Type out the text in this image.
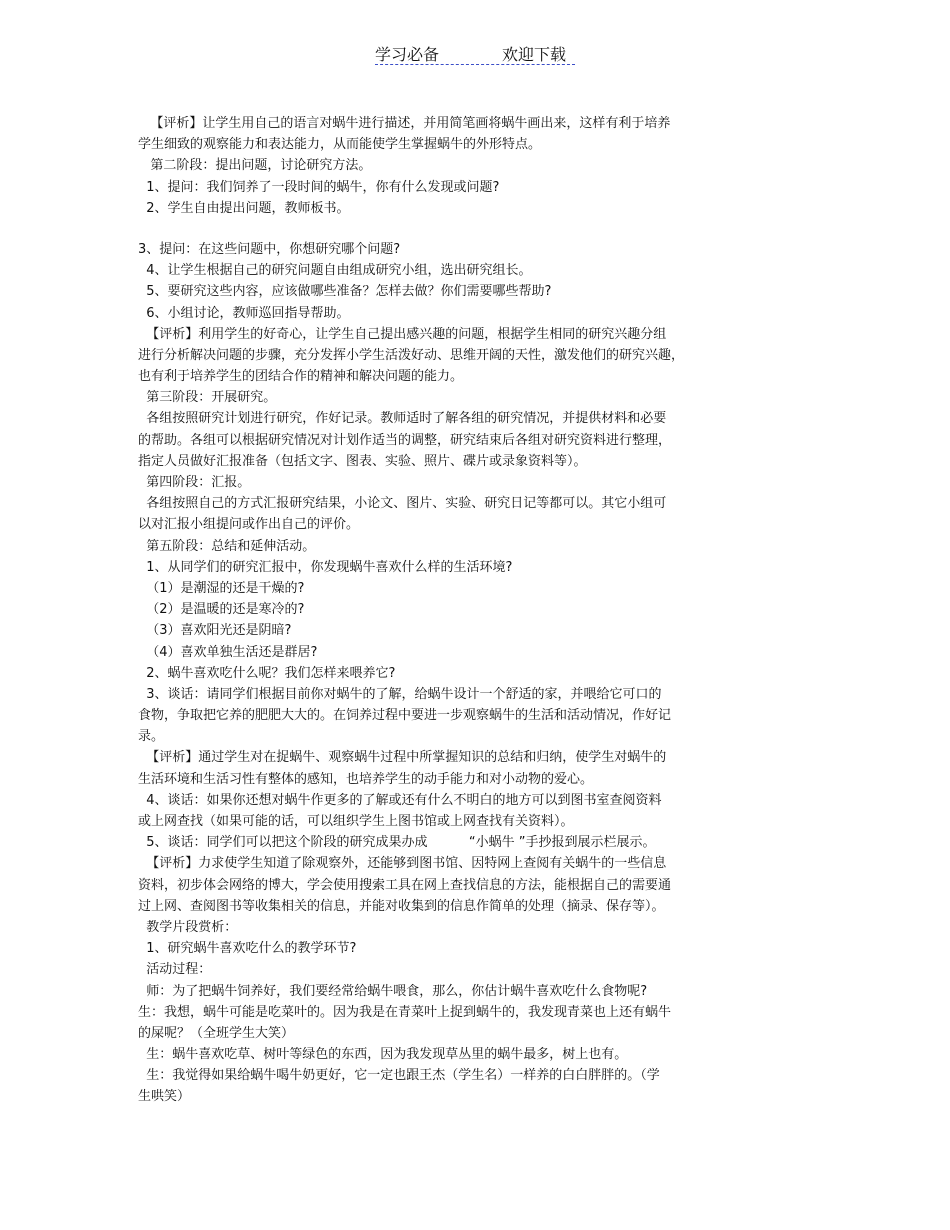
学习必备	欢迎下载
【评析】让学生用自己的语言对蜗牛进行描述，并用简笔画将蜗牛画出来，这样有利于培养
学生细致的观察能力和表达能力，从而能使学生掌握蜗牛的外形特点。
第二阶段：提出问题，讨论研究方法。
1、提问：我们饲养了一段时间的蜗牛，你有什么发现或问题?
2、学生自由提出问题，教师板书。
3、提问：在这些问题中，你想研究哪个问题?
4、让学生根据自己的研究问题自由组成研究小组，选出研究组长。
5、要研究这些内容，应该做哪些准备？怎样去做？你们需要哪些帮助?
6、小组讨论，教师巡回指导帮助。
【评析】利用学生的好奇心，让学生自己提出感兴趣的问题，根据学生相同的研究兴趣分组
进行分析解决问题的步骤，充分发挥小学生活泼好动、思维开阔的天性，激发他们的研究兴趣，
也有利于培养学生的团结合作的精神和解决问题的能力。
第三阶段：开展研究。
各组按照研究计划进行研究，作好记录。教师适时了解各组的研究情况，并提供材料和必要
的帮助。各组可以根据研究情况对计划作适当的调整，研究结束后各组对研究资料进行整理，
指定人员做好汇报准备（包括文字、图表、实验、照片、碟片或录象资料等）。
第四阶段：汇报。
各组按照自己的方式汇报研究结果，小论文、图片、实验、研究日记等都可以。其它小组可
以对汇报小组提问或作出自己的评价。
第五阶段：总结和延伸活动。
1、从同学们的研究汇报中，你发现蜗牛喜欢什么样的生活环境?
（1）是潮湿的还是干燥的?
（2）是温暖的还是寒冷的?
（3）喜欢阳光还是阴暗?
（4）喜欢单独生活还是群居?
2、蜗牛喜欢吃什么呢？我们怎样来喂养它?
3、谈话：请同学们根据目前你对蜗牛的了解，给蜗牛设计一个舒适的家，并喂给它可口的
食物，争取把它养的肥肥大大的。在饲养过程中要进一步观察蜗牛的生活和活动情况，作好记
录。
【评析】通过学生对在捉蜗牛、观察蜗牛过程中所掌握知识的总结和归纳，使学生对蜗牛的
生活环境和生活习性有整体的感知，也培养学生的动手能力和对小动物的爱心。
4、谈话：如果你还想对蜗牛作更多的了解或还有什么不明白的地方可以到图书室查阅资料
或上网查找（如果可能的话，可以组织学生上图书馆或上网查找有关资料）。
5、谈话：同学们可以把这个阶段的研究成果办成          “小蜗牛 ”手抄报到展示栏展示。
【评析】力求使学生知道了除观察外，还能够到图书馆、因特网上查阅有关蜗牛的一些信息
资料，初步体会网络的博大，学会使用搜索工具在网上查找信息的方法，能根据自己的需要通
过上网、查阅图书等收集相关的信息，并能对收集到的信息作简单的处理（摘录、保存等）。
教学片段赏析：
1、研究蜗牛喜欢吃什么的教学环节?
活动过程：
师：为了把蜗牛饲养好，我们要经常给蜗牛喂食，那么，你估计蜗牛喜欢吃什么食物呢?
生：我想，蜗牛可能是吃菜叶的。因为我是在青菜叶上捉到蜗牛的，我发现青菜也上还有蜗牛
的屎呢？（全班学生大笑）
生：蜗牛喜欢吃草、树叶等绿色的东西，因为我发现草丛里的蜗牛最多，树上也有。
生：我觉得如果给蜗牛喝牛奶更好，它一定也跟王杰（学生名）一样养的白白胖胖的。（学
生哄笑）
